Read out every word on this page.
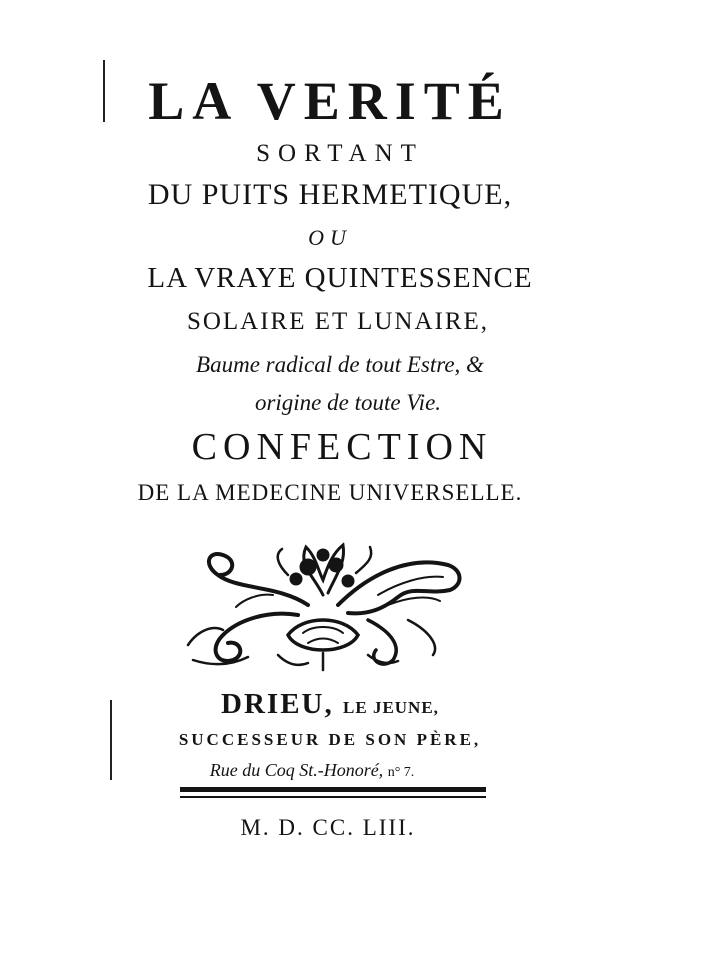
LA VERITÉ
SORTANT
DU PUITS HERMETIQUE,
OU
LA VRAYE QUINTESSENCE
SOLAIRE ET LUNAIRE,
Baume radical de tout Estre, &
origine de toute Vie.
CONFECTION
DE LA MEDECINE UNIVERSELLE.
DRIEU, LE JEUNE,
SUCCESSEUR DE SON PÈRE,
Rue du Coq St.-Honoré, n° 7.
M. D. CC. LIII.
